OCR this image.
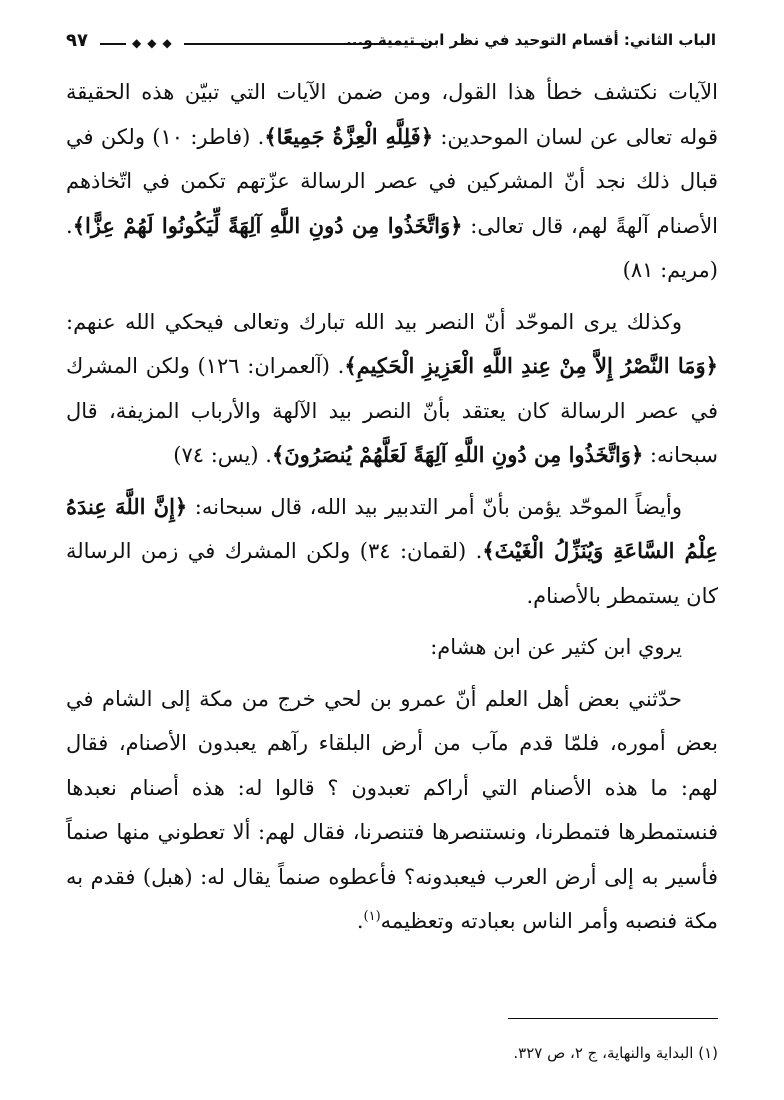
٩٧	◆◆◆	الباب الثاني: أقسام التوحيد في نظر ابن تيمية و...

الآيات نكتشف خطأ هذا القول، ومن ضمن الآيات التي تبيّن هذه الحقيقة قوله تعالى عن لسان الموحدين: ﴿فَلِلَّهِ الْعِزَّةُ جَمِيعًا﴾. (فاطر: ١٠) ولكن في قبال ذلك نجد أنّ المشركين في عصر الرسالة عزّتهم تكمن في اتّخاذهم الأصنام آلهةً لهم، قال تعالى: ﴿وَاتَّخَذُوا مِن دُونِ اللَّهِ آلِهَةً لِّيَكُونُوا لَهُمْ عِزًّا﴾. (مريم: ٨١)

وكذلك يرى الموحّد أنّ النصر بيد الله تبارك وتعالى فيحكي الله عنهم: ﴿وَمَا النَّصْرُ إِلاَّ مِنْ عِندِ اللَّهِ الْعَزِيزِ الْحَكِيمِ﴾. (آلعمران: ١٢٦) ولكن المشرك في عصر الرسالة كان يعتقد بأنّ النصر بيد الآلهة والأرباب المزيفة، قال سبحانه: ﴿وَاتَّخَذُوا مِن دُونِ اللَّهِ آلِهَةً لَعَلَّهُمْ يُنصَرُونَ﴾. (يس: ٧٤)

وأيضاً الموحّد يؤمن بأنّ أمر التدبير بيد الله، قال سبحانه: ﴿إِنَّ اللَّهَ عِندَهُ عِلْمُ السَّاعَةِ وَيُنَزِّلُ الْغَيْثَ﴾. (لقمان: ٣٤) ولكن المشرك في زمن الرسالة كان يستمطر بالأصنام.

يروي ابن كثير عن ابن هشام:

حدّثني بعض أهل العلم أنّ عمرو بن لحي خرج من مكة إلى الشام في بعض أموره، فلمّا قدم مآب من أرض البلقاء رآهم يعبدون الأصنام، فقال لهم: ما هذه الأصنام التي أراكم تعبدون ؟ قالوا له: هذه أصنام نعبدها فنستمطرها فتمطرنا، ونستنصرها فتنصرنا، فقال لهم: ألا تعطوني منها صنماً فأسير به إلى أرض العرب فيعبدونه؟ فأعطوه صنماً يقال له: (هبل) فقدم به مكة فنصبه وأمر الناس بعبادته وتعظيمه$^{(١)}$.

(١) البداية والنهاية، ج ٢، ص ٣٢٧.
